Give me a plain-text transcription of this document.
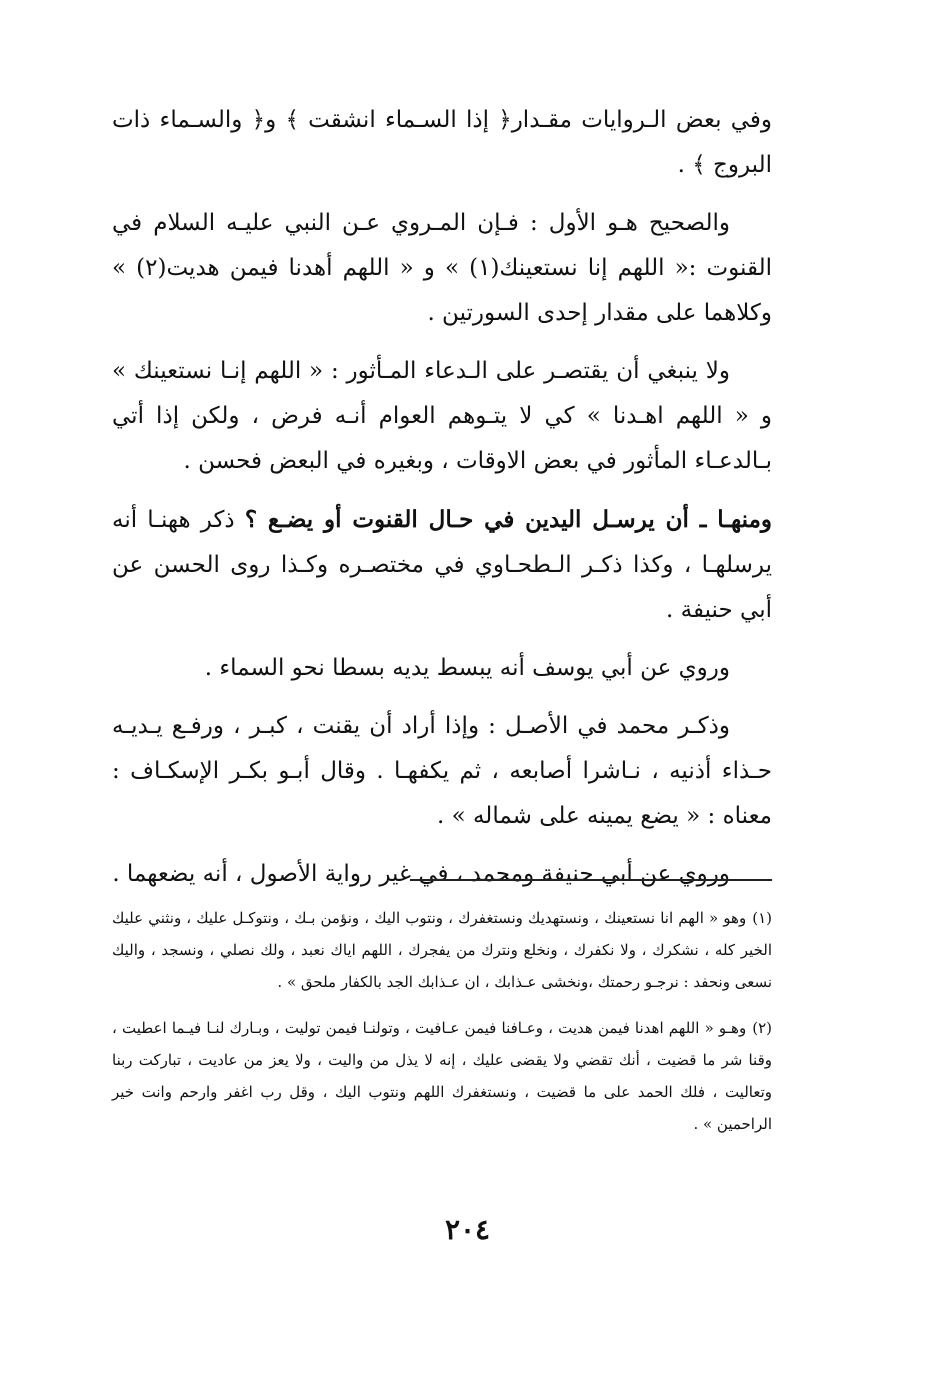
وفي بعض الـروايات مقـدار﴿ إذا السـماء انشقت ﴾ و﴿ والسـماء ذات البروج ﴾ .

والصحيح هـو الأول : فـإن المـروي عـن النبي عليـه السلام في القنوت :« اللهم إنا نستعينك(١) » و « اللهم أهدنا فيمن هديت(٢) » وكلاهما على مقدار إحدى السورتين .

ولا ينبغي أن يقتصـر على الـدعاء المـأثور : « اللهم إنـا نستعينك » و « اللهم اهـدنا » كي لا يتـوهم العوام أنـه فرض ، ولكن إذا أتي بـالدعـاء المأثور في بعض الاوقات ، وبغيره في البعض فحسن .

ومنهـا ـ أن يرسـل اليدين في حـال القنوت أو يضـع ؟ ذكر ههنـا أنه يرسلهـا ، وكذا ذكـر الـطحـاوي في مختصـره وكـذا روى الحسن عن أبي حنيفة .

وروي عن أبي يوسف أنه يبسط يديه بسطا نحو السماء .

وذكـر محمد في الأصـل : وإذا أراد أن يقنت ، كبـر ، ورفـع يـديـه حـذاء أذنيه ، نـاشرا أصابعه ، ثم يكفهـا . وقال أبـو بكـر الإسكـاف : معناه : « يضع يمينه على شماله » .

وروي عن أبي حنيفة ومحمد ، في غير رواية الأصول ، أنه يضعهما .

(١)وهو « الهم انا نستعينك ، ونستهديك ونستغفرك ، ونتوب اليك ، ونؤمن بـك ، ونتوكـل عليك ، ونثني عليك الخير كله ، نشكرك ، ولا نكفرك ، ونخلع ونترك من يفجرك ، اللهم اياك نعبد ، ولك نصلي ، ونسجد ، واليك نسعى ونحفد : نرجـو رحمتك ،ونخشى عـذابك ، ان عـذابك الجد بالكفار ملحق » .

(٢)وهـو « اللهم اهدنا فيمن هديت ، وعـافنا فيمن عـافيت ، وتولنـا فيمن توليت ، وبـارك لنـا فيـما اعطيت ، وقنا شر ما قضيت ، أنك تقضي ولا يقضى عليك ، إنه لا يذل من واليت ، ولا يعز من عاديت ، تباركت ربنا وتعاليت ، فلك الحمد على ما قضيت ، ونستغفرك اللهم ونتوب اليك ، وقل رب اغفر وارحم وانت خير الراحمين » .

٢٠٤
